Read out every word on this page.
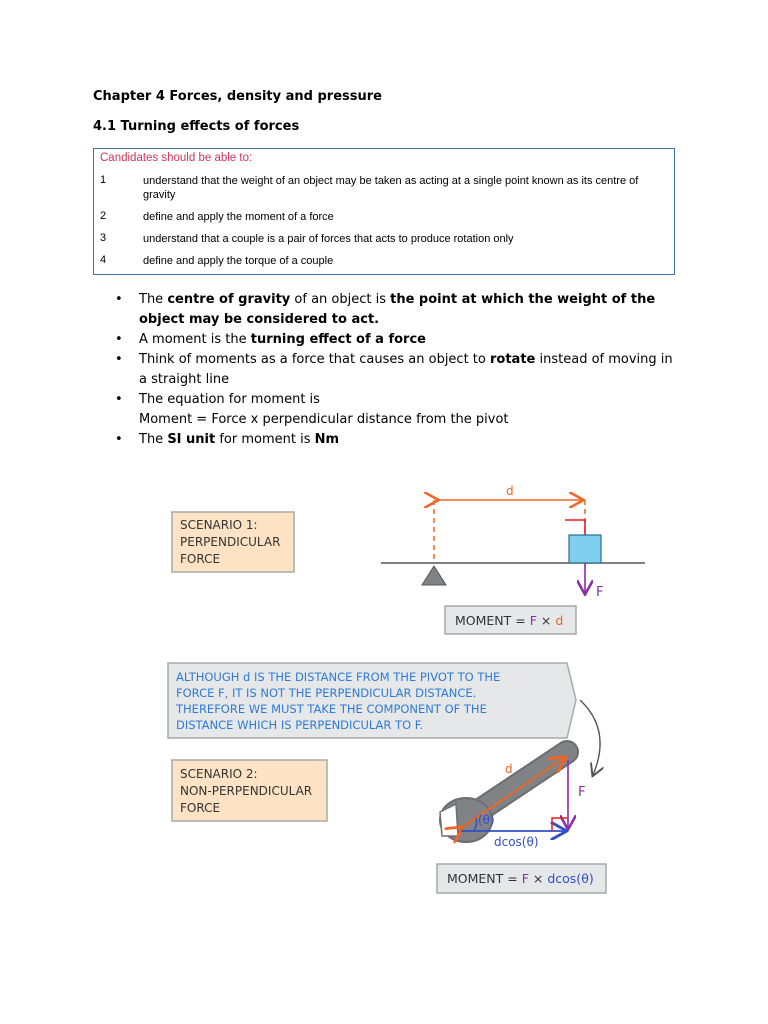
Chapter 4 Forces, density and pressure
4.1 Turning effects of forces
Candidates should be able to:
1	understand that the weight of an object may be taken as acting at a single point known as its centre of gravity
2	define and apply the moment of a force
3	understand that a couple is a pair of forces that acts to produce rotation only
4	define and apply the torque of a couple
• The centre of gravity of an object is the point at which the weight of the object may be considered to act.
• A moment is the turning effect of a force
• Think of moments as a force that causes an object to rotate instead of moving in a straight line
• The equation for moment is
Moment = Force x perpendicular distance from the pivot
• The SI unit for moment is Nm
SCENARIO 1:
PERPENDICULAR
FORCE
d
F
MOMENT = F × d
ALTHOUGH d IS THE DISTANCE FROM THE PIVOT TO THE
FORCE F, IT IS NOT THE PERPENDICULAR DISTANCE.
THEREFORE WE MUST TAKE THE COMPONENT OF THE
DISTANCE WHICH IS PERPENDICULAR TO F.
SCENARIO 2:
NON-PERPENDICULAR
FORCE
d
(θ)
F
dcos(θ)
MOMENT = F × dcos(θ)
